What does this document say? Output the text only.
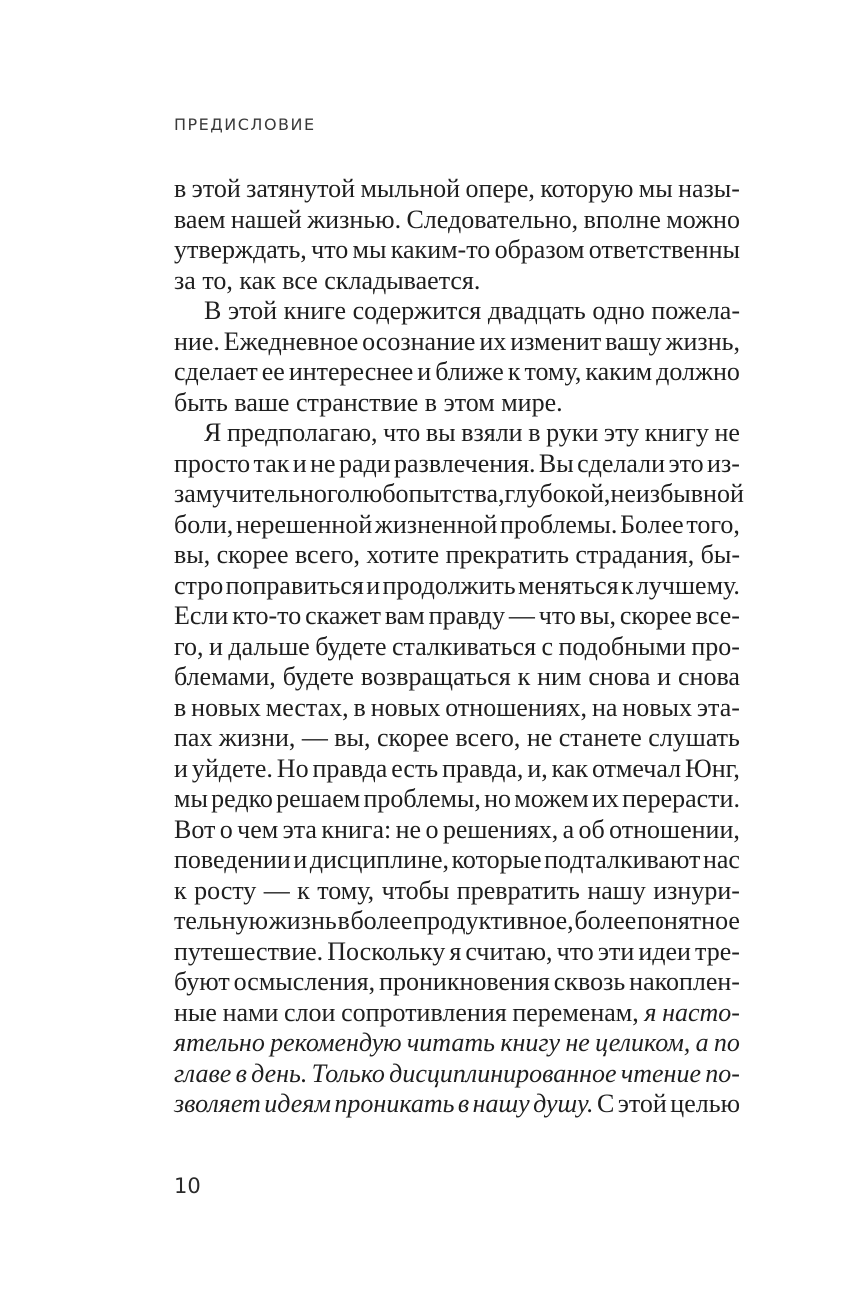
ПРЕДИСЛОВИЕ
в этой затянутой мыльной опере, которую мы назы-
ваем нашей жизнью. Следовательно, вполне можно
утверждать, что мы каким-то образом ответственны
за то, как все складывается.
В этой книге содержится двадцать одно пожела-
ние. Ежедневное осознание их изменит вашу жизнь,
сделает ее интереснее и ближе к тому, каким должно
быть ваше странствие в этом мире.
Я предполагаю, что вы взяли в руки эту книгу не
просто так и не ради развлечения. Вы сделали это из-
за мучительного любопытства, глубокой, неизбывной
боли, нерешенной жизненной проблемы. Более того,
вы, скорее всего, хотите прекратить страдания, бы-
стро поправиться и продолжить меняться к лучшему.
Если кто-то скажет вам правду — что вы, скорее все-
го, и дальше будете сталкиваться с подобными про-
блемами, будете возвращаться к ним снова и снова
в новых местах, в новых отношениях, на новых эта-
пах жизни, — вы, скорее всего, не станете слушать
и уйдете. Но правда есть правда, и, как отмечал Юнг,
мы редко решаем проблемы, но можем их перерасти.
Вот о чем эта книга: не о решениях, а об отношении,
поведении и дисциплине, которые подталкивают нас
к росту — к тому, чтобы превратить нашу изнури-
тельную жизнь в более продуктивное, более понятное
путешествие. Поскольку я считаю, что эти идеи тре-
буют осмысления, проникновения сквозь накоплен-
ные нами слои сопротивления переменам, я насто-
ятельно рекомендую читать книгу не целиком, а по
главе в день. Только дисциплинированное чтение по-
зволяет идеям проникать в нашу душу. С этой целью
10
